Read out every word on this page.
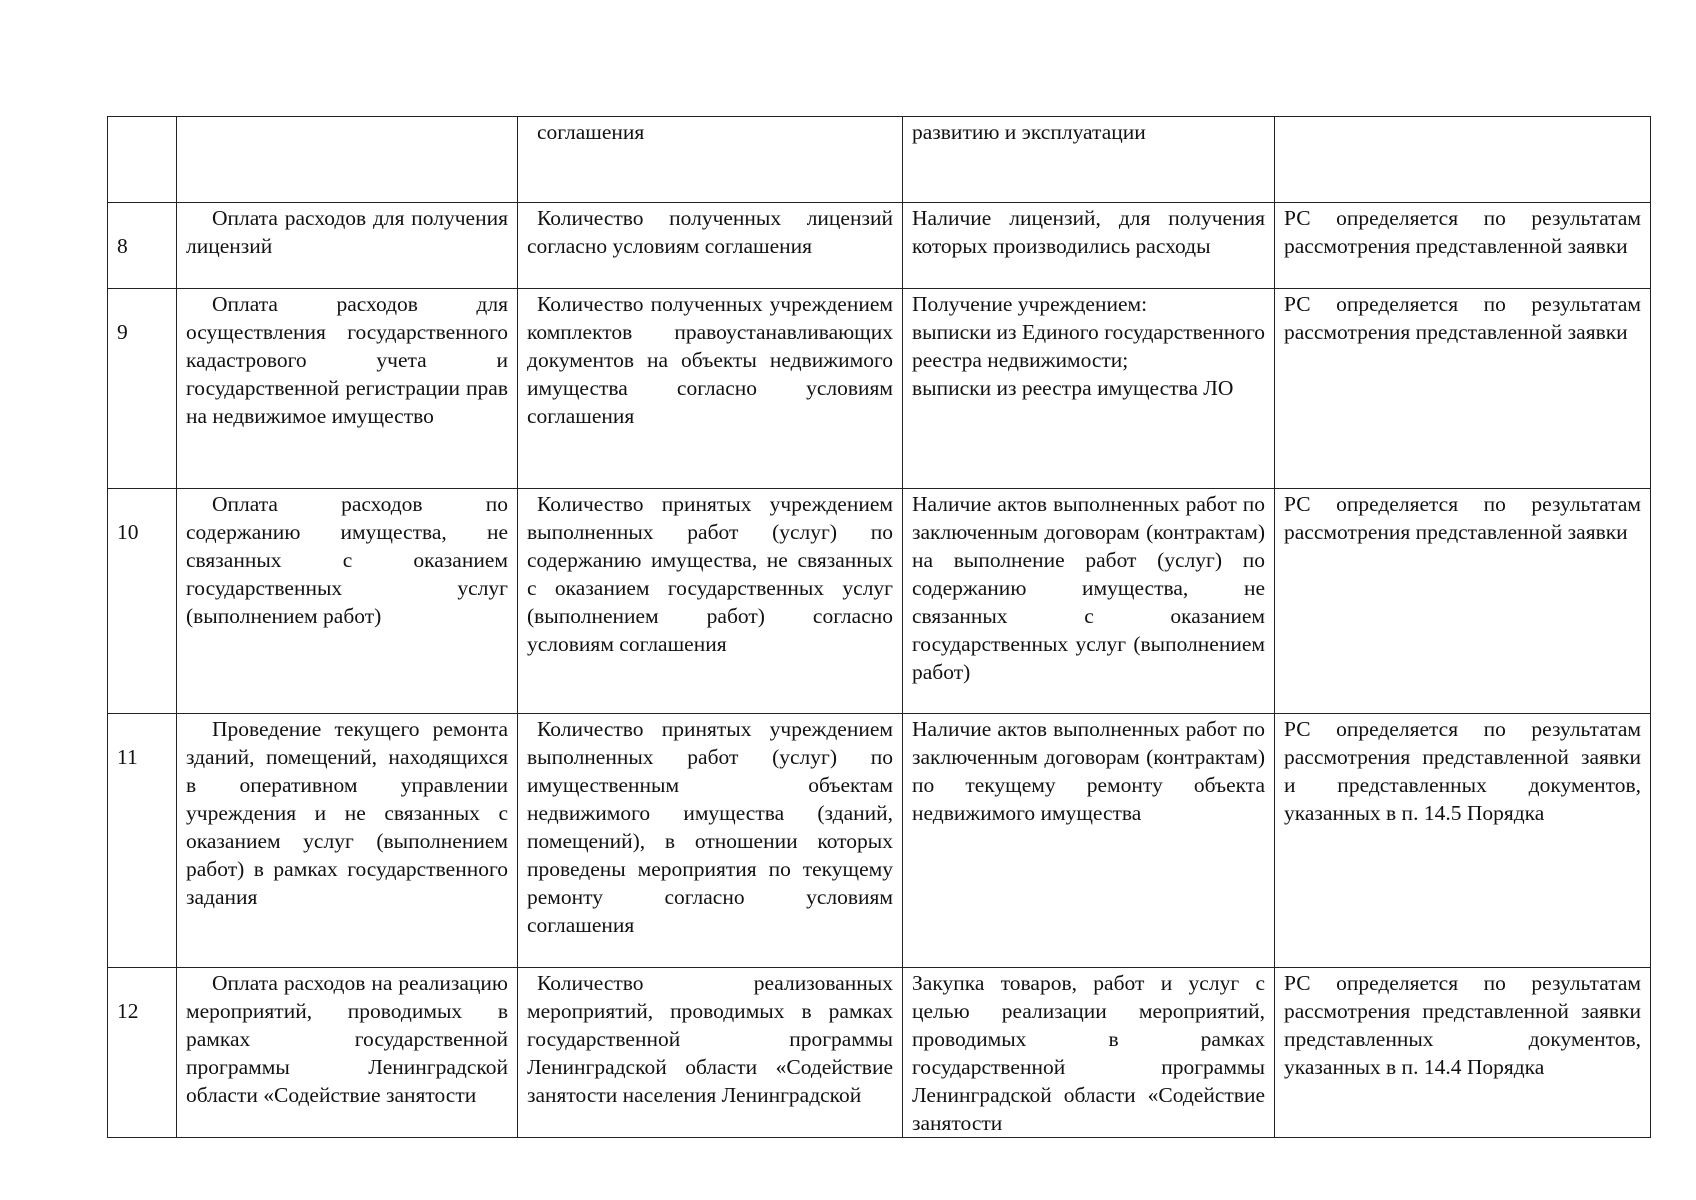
		соглашения	развитию и эксплуатации	

8	Оплата расходов для получения лицензий	Количество полученных лицензий согласно условиям соглашения	Наличие лицензий, для получения которых производились расходы	РС определяется по результатам рассмотрения представленной заявки

9	Оплата расходов для осуществления государственного кадастрового учета и государственной регистрации прав на недвижимое имущество	Количество полученных учреждением комплектов правоустанавливающих документов на объекты недвижимого имущества согласно условиям соглашения	Получение учреждением:
выписки из Единого государственного реестра недвижимости;
выписки из реестра имущества ЛО	РС определяется по результатам рассмотрения представленной заявки

10	Оплата расходов по содержанию имущества, не связанных с оказанием государственных услуг (выполнением работ)	Количество принятых учреждением выполненных работ (услуг) по содержанию имущества, не связанных с оказанием государственных услуг (выполнением работ) согласно условиям соглашения	Наличие актов выполненных работ по заключенным договорам (контрактам) на выполнение работ (услуг) по содержанию имущества, не связанных с оказанием государственных услуг (выполнением работ)	РС определяется по результатам рассмотрения представленной заявки

11	Проведение текущего ремонта зданий, помещений, находящихся в оперативном управлении учреждения и не связанных с оказанием услуг (выполнением работ) в рамках государственного задания	Количество принятых учреждением выполненных работ (услуг) по имущественным объектам недвижимого имущества (зданий, помещений), в отношении которых проведены мероприятия по текущему ремонту согласно условиям соглашения	Наличие актов выполненных работ по заключенным договорам (контрактам) по текущему ремонту объекта недвижимого имущества	РС определяется по результатам рассмотрения представленной заявки и представленных документов, указанных в п. 14.5 Порядка

12	Оплата расходов на реализацию мероприятий, проводимых в рамках государственной программы Ленинградской области «Содействие занятости	Количество реализованных мероприятий, проводимых в рамках государственной программы Ленинградской области «Содействие занятости населения Ленинградской	Закупка товаров, работ и услуг с целью реализации мероприятий, проводимых в рамках государственной программы Ленинградской области «Содействие занятости	РС определяется по результатам рассмотрения представленной заявки представленных документов, указанных в п. 14.4 Порядка
